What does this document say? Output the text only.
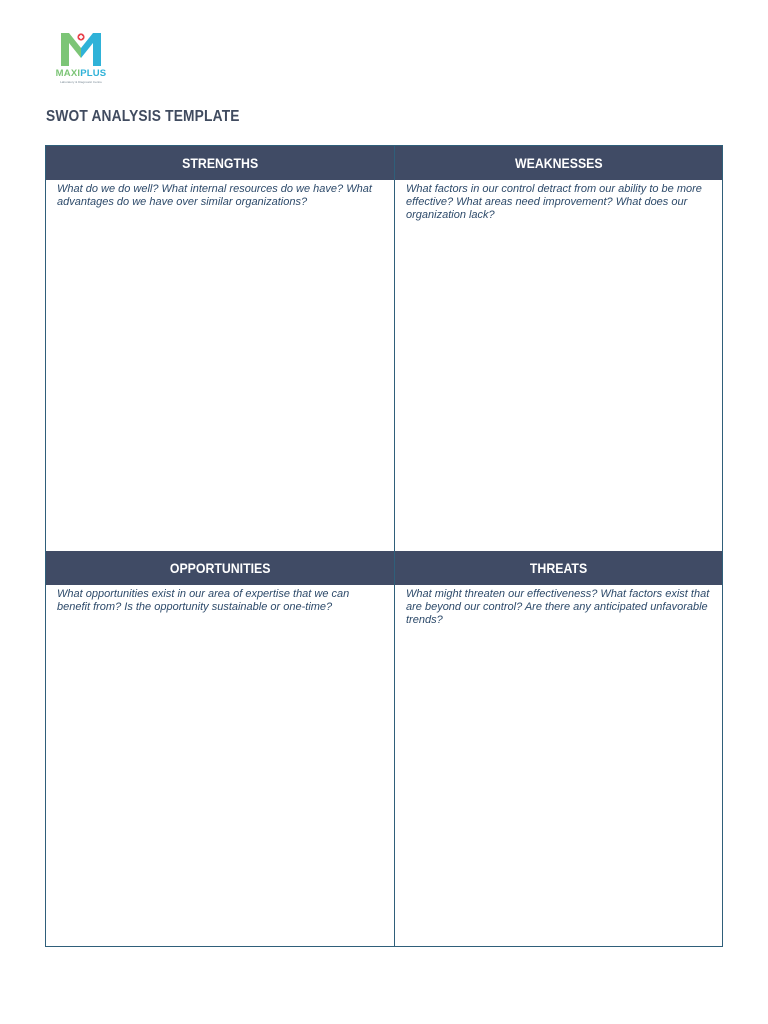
MAXIPLUS
Laboratory & Diagnostic Centre
SWOT ANALYSIS TEMPLATE
STRENGTHS

What do we do well? What internal resources do we have? What advantages do we have over similar organizations?

WEAKNESSES

What factors in our control detract from our ability to be more effective? What areas need improvement? What does our organization lack?

OPPORTUNITIES

What opportunities exist in our area of expertise that we can benefit from? Is the opportunity sustainable or one-time?

THREATS

What might threaten our effectiveness? What factors exist that are beyond our control? Are there any anticipated unfavorable trends?
